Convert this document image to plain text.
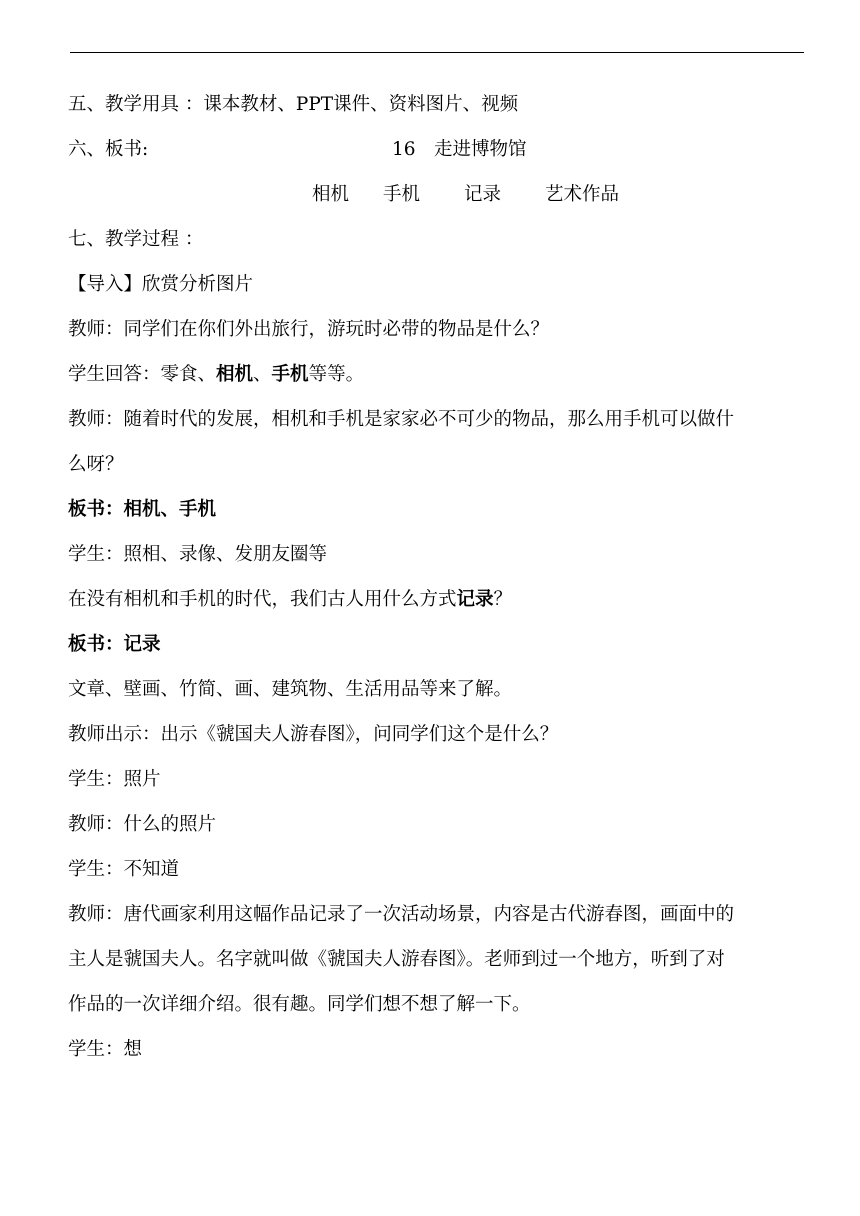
五、教学用具 ：课本教材、PPT课件、资料图片、视频
六、板书:	16　走进博物馆
相机 手机 记录 艺术作品
七、教学过程 ：
【导入】欣赏分析图片
教师：同学们在你们外出旅行，游玩时必带的物品是什么？
学生回答：零食、相机、手机等等。
教师：随着时代的发展，相机和手机是家家必不可少的物品，那么用手机可以做什
么呀？
板书：相机、手机
学生：照相、录像、发朋友圈等
在没有相机和手机的时代，我们古人用什么方式记录？
板书：记录
文章、壁画、竹简、画、建筑物、生活用品等来了解。
教师出示：出示《虢国夫人游春图》，问同学们这个是什么？
学生：照片
教师：什么的照片
学生：不知道
教师：唐代画家利用这幅作品记录了一次活动场景，内容是古代游春图，画面中的
主人是虢国夫人。名字就叫做《虢国夫人游春图》。老师到过一个地方，听到了对
作品的一次详细介绍。很有趣。同学们想不想了解一下。
学生：想
